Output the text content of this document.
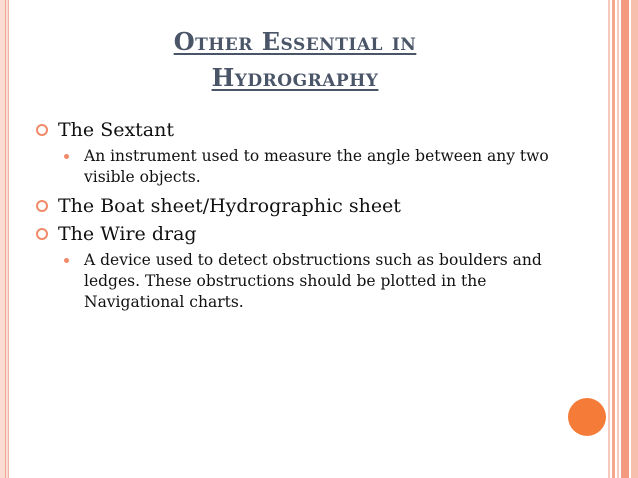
Other Essential in
Hydrography

The Sextant

An instrument used to measure the angle between any two visible objects.

The Boat sheet/Hydrographic sheet

The Wire drag

A device used to detect obstructions such as boulders and ledges. These obstructions should be plotted in the Navigational charts.
